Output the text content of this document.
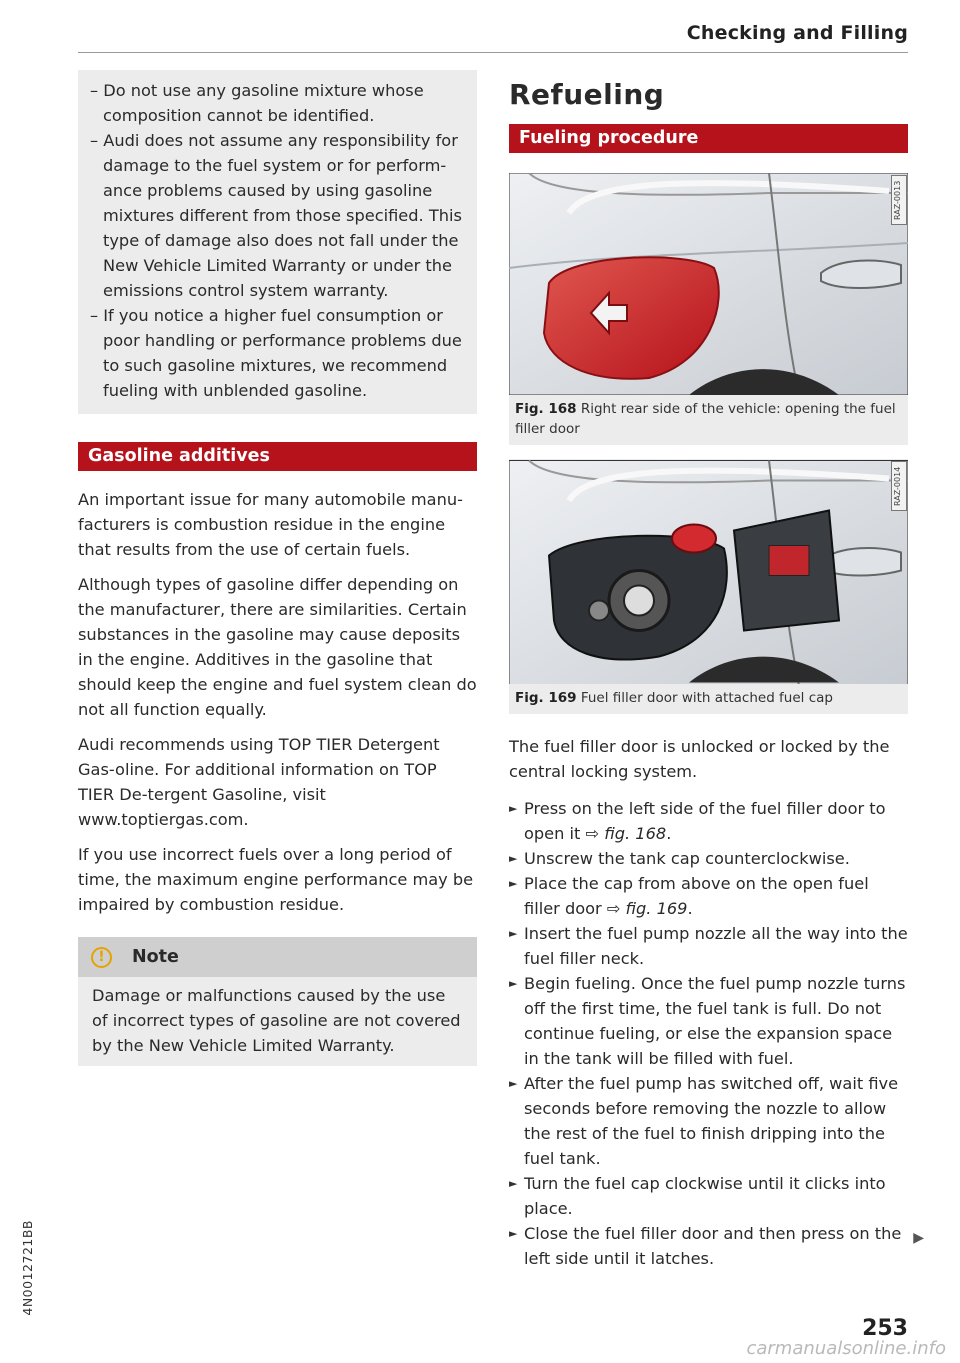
Checking and Filling
– Do not use any gasoline mixture whose composition cannot be identified.
– Audi does not assume any responsibility for damage to the fuel system or for perform-ance problems caused by using gasoline mixtures different from those specified. This type of damage also does not fall under the New Vehicle Limited Warranty or under the emissions control system warranty.
– If you notice a higher fuel consumption or poor handling or performance problems due to such gasoline mixtures, we recommend fueling with unblended gasoline.
Gasoline additives

An important issue for many automobile manu-facturers is combustion residue in the engine that results from the use of certain fuels.

Although types of gasoline differ depending on the manufacturer, there are similarities. Certain substances in the gasoline may cause deposits in the engine. Additives in the gasoline that should keep the engine and fuel system clean do not all function equally.

Audi recommends using TOP TIER Detergent Gas-oline. For additional information on TOP TIER De-tergent Gasoline, visit www.toptiergas.com.

If you use incorrect fuels over a long period of time, the maximum engine performance may be impaired by combustion residue.

!	Note
Damage or malfunctions caused by the use of incorrect types of gasoline are not covered by the New Vehicle Limited Warranty.
Refueling
Fueling procedure
RAZ-0013
Fig. 168 Right rear side of the vehicle: opening the fuel filler door
RAZ-0014
Fig. 169 Fuel filler door with attached fuel cap

The fuel filler door is unlocked or locked by the central locking system.

► Press on the left side of the fuel filler door to open it ⇨ fig. 168.
► Unscrew the tank cap counterclockwise.
► Place the cap from above on the open fuel filler door ⇨ fig. 169.
► Insert the fuel pump nozzle all the way into the fuel filler neck.
► Begin fueling. Once the fuel pump nozzle turns off the first time, the fuel tank is full. Do not continue fueling, or else the expansion space in the tank will be filled with fuel.
► After the fuel pump has switched off, wait five seconds before removing the nozzle to allow the rest of the fuel to finish dripping into the fuel tank.
► Turn the fuel cap clockwise until it clicks into place.
► Close the fuel filler door and then press on the left side until it latches.
▶
253
4N0012721BB
carmanualsonline.info
